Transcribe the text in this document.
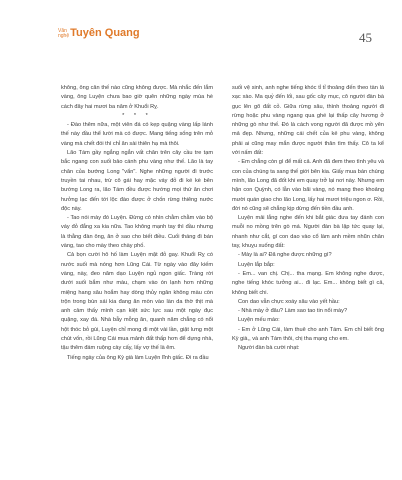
Văn
nghệ Tuyên Quang	45

không, ông cân thế nào cũng không được. Mà nhắc đến lắm vàng, ông Luyện chưa bao giờ quên những ngày mùa hè cách đây hai mươi ba năm ở Khuổi Rỵ.

* * *

- Đào thêm nữa, một viên đá có kẹp quặng vàng lấp lánh thế này đầu thể lười mà có được. Mang tiếng sống trên mỏ vàng mà chết đói thì chỉ ăn sài thiên hạ mà thôi.

Lão Tám gầy ngẳng ngẳn vất chân trên cây cầu tre tạm bắc ngang con suối bảo cánh phu vàng như thế. Lão là tay chân của bướng Long "vẩn". Nghe những người đi trước truyền tai nhau, trừ cô gái hay mặc váy đỏ đi ké kè bên bướng Long ra, lão Tám đều được hướng mọi thứ ăn chơi hưởng lạc đến tới lộc đào được ở chốn rừng thiêng nước độc này.

- Tao nói mày đó Luyện. Đừng có nhìn chằm chằm vào bộ váy đỏ đắng xa kia nữa. Tao không mạnh tay thì đầu nhưng là thằng đàn ông, ăn ở sao cho biết điều. Cuối tháng đi bán vàng, tao cho mày theo chày phố.

Cả bọn cười hô hố làm Luyện mặt đỏ gay. Khuổi Rỵ có nước suối mà nóng hơn Lũng Cái. Từ ngày vào đây kiếm vàng, này, đeo năm dạo Luyện ngủ ngon giấc. Tràng rời dưới suối bắm như màu, chạm vào ón lạnh hơn những miệng hang sâu hoắm hay dòng thủy ngân không màu còn trộn trong bùn sái kia đang ăn mòn vào làn da thờ thịt mà anh cảm thấy mình cạn kiệt sức lực sau một ngày đục quặng, xay đá. Nhà bẫy mỗng ăn, quanh năm chẳng có nổi hột thóc bỏ gùi, Luyện chỉ mong đi một vài lần, giật lưng một chút vốn, rồi Lũng Cái mua mảnh đất thấp hơn để dựng nhà, tậu thêm đám ruộng cày cấy, lấy vợ thế là êm.

Tiếng ngày của ông Kỳ già làm Luyện lĩnh giấc. Đi ra đầu

suối vệ sinh, anh nghe tiếng khóc tỉ tỉ thoảng đến theo tàn lá xạc xào. Ma quỷ đến lối, sau gốc cây mục, cô người đàn bà gục lên gõ đất cỏ. Giữa rừng sâu, thình thoảng người đi rừng hoặc phu vàng ngang qua ghé lại thấp cây hương ở những gò như thế. Đó là cách vong người đã được mồ yên mả đẹp. Nhưng, những cái chết của kẻ phu vàng, không phải ai cũng may mắn được người thân tìm thấy. Cô ta kể với nấm đất:

- Em chẳng còn gì để mất cả. Anh đã đem theo tình yêu và con của chúng ta sang thế giới bên kia. Giấy mua bán chúng mình, lão Long đã đốt khi em quay trở lại nơi này. Nhưng em hận con Quỳnh, có lẫn vào bãi vàng, nó mang theo khoảng mười quán giao cho lão Long, lấy hai mươi triệu ngon ơ. Rồi, đời nó cũng sẽ chẳng kịp dừng đến tiền đầu anh.

Luyện mải lắng nghe đến khi bắt giác đưa tay đánh con muỗi no mồng trên gò má. Người đàn bà lập tức quay lại, nhanh như cắt, gí con dao vào cổ làm anh mềm nhũn chân tay, khuỵu xuống đất:

- Mày là ai? Đã nghe được những gì?

Luyện lắp bắp:

- Em... van chị. Chị... tha mạng. Em không nghe được, nghe tiếng khóc tưởng ai... đi lạc. Em... không biết gì cả, không biết chi.

Con dao vẫn chực xoáy sâu vào yết hầu:

- Nhà mày ở đâu? Làm sao tao tin nổi mày?

Luyện mếu máo:

- Em ở Lũng Cái, làm thuê cho anh Tám. Em chỉ biết ông Kỳ già,, và anh Tám thôi, chị tha mạng cho em.

Người đàn bà cười nhạt:
